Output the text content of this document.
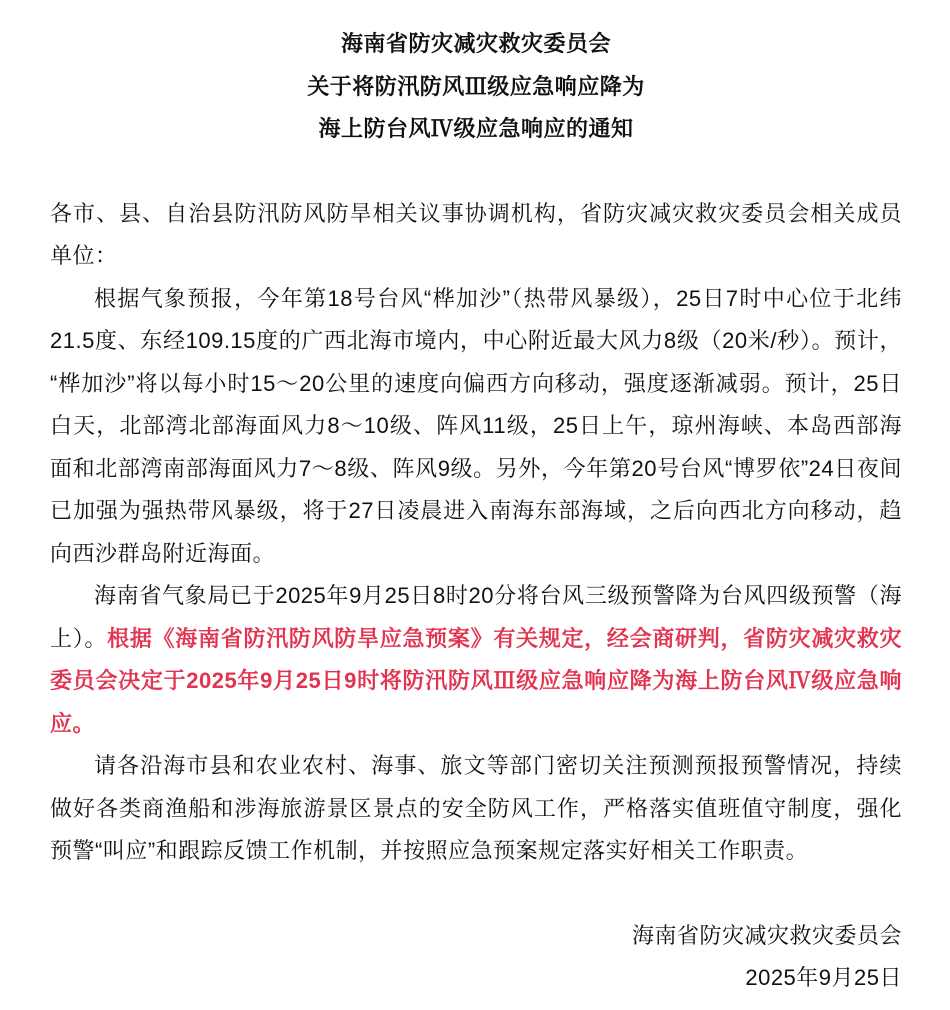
海南省防灾减灾救灾委员会
关于将防汛防风Ⅲ级应急响应降为
海上防台风Ⅳ级应急响应的通知

各市、县、自治县防汛防风防旱相关议事协调机构，省防灾减灾救灾委员会相关成员单位：

根据气象预报，今年第18号台风“桦加沙”（热带风暴级），25日7时中心位于北纬21.5度、东经109.15度的广西北海市境内，中心附近最大风力8级（20米/秒）。预计，“桦加沙”将以每小时15～20公里的速度向偏西方向移动，强度逐渐减弱。预计，25日白天，北部湾北部海面风力8～10级、阵风11级，25日上午，琼州海峡、本岛西部海面和北部湾南部海面风力7～8级、阵风9级。另外，今年第20号台风“博罗依”24日夜间已加强为强热带风暴级，将于27日凌晨进入南海东部海域，之后向西北方向移动，趋向西沙群岛附近海面。

海南省气象局已于2025年9月25日8时20分将台风三级预警降为台风四级预警（海上）。根据《海南省防汛防风防旱应急预案》有关规定，经会商研判，省防灾减灾救灾委员会决定于2025年9月25日9时将防汛防风Ⅲ级应急响应降为海上防台风Ⅳ级应急响应。

请各沿海市县和农业农村、海事、旅文等部门密切关注预测预报预警情况，持续做好各类商渔船和涉海旅游景区景点的安全防风工作，严格落实值班值守制度，强化预警“叫应”和跟踪反馈工作机制，并按照应急预案规定落实好相关工作职责。

海南省防灾减灾救灾委员会
2025年9月25日
